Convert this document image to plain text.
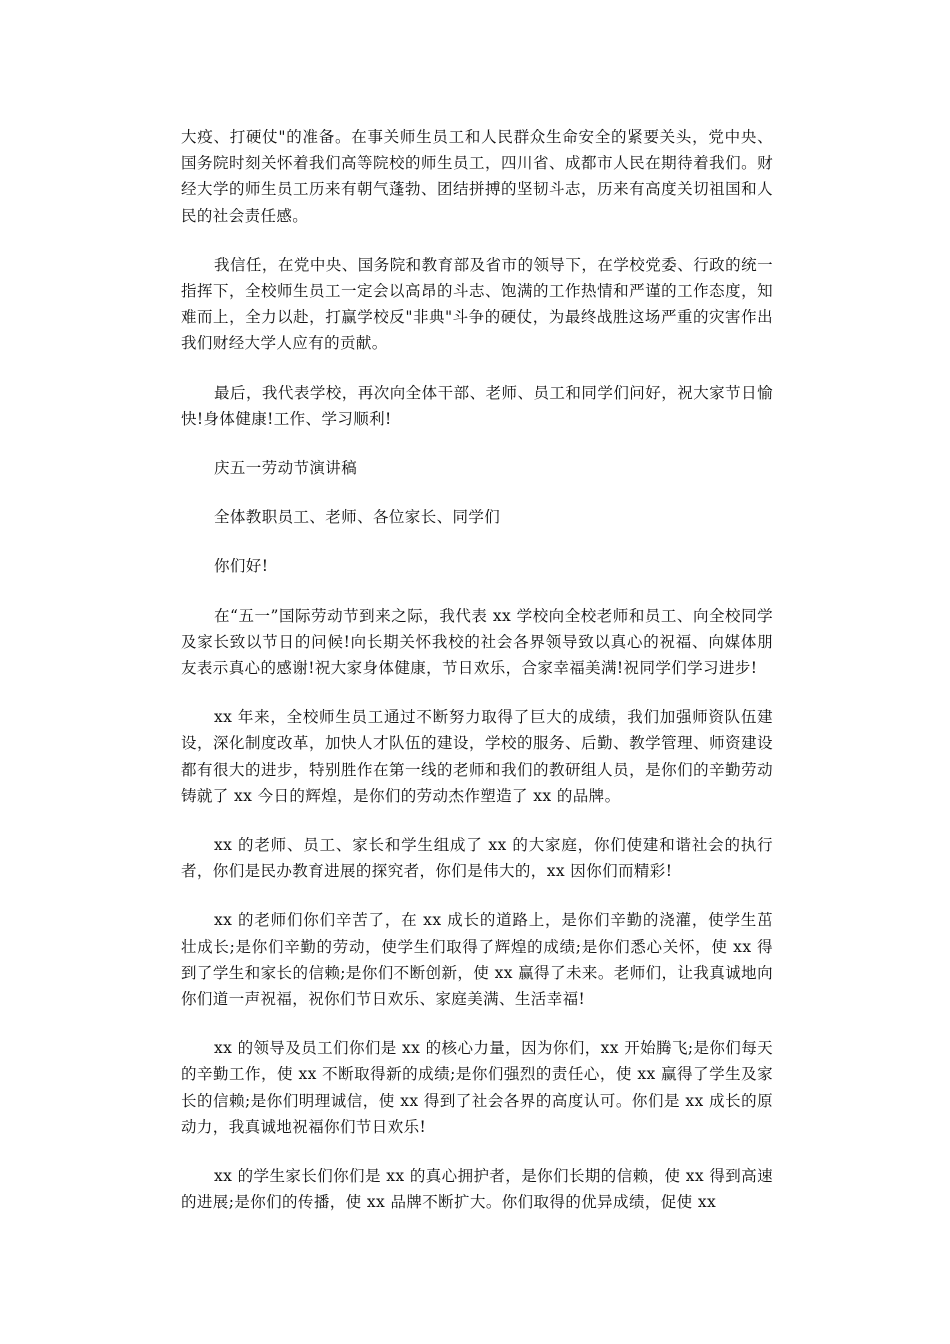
大疫、打硬仗"的准备。在事关师生员工和人民群众生命安全的紧要关头，党中央、国务院时刻关怀着我们高等院校的师生员工，四川省、成都市人民在期待着我们。财经大学的师生员工历来有朝气蓬勃、团结拼搏的坚韧斗志，历来有高度关切祖国和人民的社会责任感。

我信任，在党中央、国务院和教育部及省市的领导下，在学校党委、行政的统一指挥下，全校师生员工一定会以高昂的斗志、饱满的工作热情和严谨的工作态度，知难而上，全力以赴，打赢学校反"非典"斗争的硬仗，为最终战胜这场严重的灾害作出我们财经大学人应有的贡献。

最后，我代表学校，再次向全体干部、老师、员工和同学们问好，祝大家节日愉快!身体健康!工作、学习顺利!

庆五一劳动节演讲稿

全体教职员工、老师、各位家长、同学们

你们好!

在“五一”国际劳动节到来之际，我代表 xx 学校向全校老师和员工、向全校同学及家长致以节日的问候!向长期关怀我校的社会各界领导致以真心的祝福、向媒体朋友表示真心的感谢!祝大家身体健康，节日欢乐，合家幸福美满!祝同学们学习进步!

xx 年来，全校师生员工通过不断努力取得了巨大的成绩，我们加强师资队伍建设，深化制度改革，加快人才队伍的建设，学校的服务、后勤、教学管理、师资建设都有很大的进步，特别胜作在第一线的老师和我们的教研组人员，是你们的辛勤劳动铸就了 xx 今日的辉煌，是你们的劳动杰作塑造了 xx 的品牌。

xx 的老师、员工、家长和学生组成了 xx 的大家庭，你们使建和谐社会的执行者，你们是民办教育进展的探究者，你们是伟大的，xx 因你们而精彩!

xx 的老师们你们辛苦了，在 xx 成长的道路上，是你们辛勤的浇灌，使学生茁壮成长;是你们辛勤的劳动，使学生们取得了辉煌的成绩;是你们悉心关怀，使 xx 得到了学生和家长的信赖;是你们不断创新，使 xx 赢得了未来。老师们，让我真诚地向你们道一声祝福，祝你们节日欢乐、家庭美满、生活幸福!

xx 的领导及员工们你们是 xx 的核心力量，因为你们，xx 开始腾飞;是你们每天的辛勤工作，使 xx 不断取得新的成绩;是你们强烈的责任心，使 xx 赢得了学生及家长的信赖;是你们明理诚信，使 xx 得到了社会各界的高度认可。你们是 xx 成长的原动力，我真诚地祝福你们节日欢乐!

xx 的学生家长们你们是 xx 的真心拥护者，是你们长期的信赖，使 xx 得到高速的进展;是你们的传播，使 xx 品牌不断扩大。你们取得的优异成绩，促使 xx
